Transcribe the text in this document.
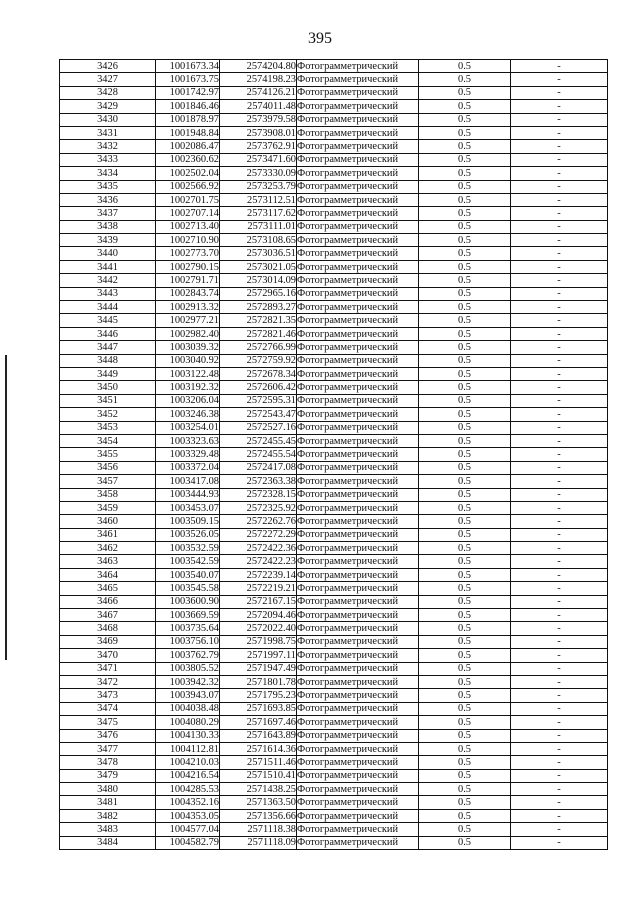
395
3426	1001673.34	2574204.80	Фотограмметрический	0.5	-
3427	1001673.75	2574198.23	Фотограмметрический	0.5	-
3428	1001742.97	2574126.21	Фотограмметрический	0.5	-
3429	1001846.46	2574011.48	Фотограмметрический	0.5	-
3430	1001878.97	2573979.58	Фотограмметрический	0.5	-
3431	1001948.84	2573908.01	Фотограмметрический	0.5	-
3432	1002086.47	2573762.91	Фотограмметрический	0.5	-
3433	1002360.62	2573471.60	Фотограмметрический	0.5	-
3434	1002502.04	2573330.09	Фотограмметрический	0.5	-
3435	1002566.92	2573253.79	Фотограмметрический	0.5	-
3436	1002701.75	2573112.51	Фотограмметрический	0.5	-
3437	1002707.14	2573117.62	Фотограмметрический	0.5	-
3438	1002713.40	2573111.01	Фотограмметрический	0.5	-
3439	1002710.90	2573108.65	Фотограмметрический	0.5	-
3440	1002773.70	2573036.51	Фотограмметрический	0.5	-
3441	1002790.15	2573021.05	Фотограмметрический	0.5	-
3442	1002791.71	2573014.09	Фотограмметрический	0.5	-
3443	1002843.74	2572965.16	Фотограмметрический	0.5	-
3444	1002913.32	2572893.27	Фотограмметрический	0.5	-
3445	1002977.21	2572821.35	Фотограмметрический	0.5	-
3446	1002982.40	2572821.46	Фотограмметрический	0.5	-
3447	1003039.32	2572766.99	Фотограмметрический	0.5	-
3448	1003040.92	2572759.92	Фотограмметрический	0.5	-
3449	1003122.48	2572678.34	Фотограмметрический	0.5	-
3450	1003192.32	2572606.42	Фотограмметрический	0.5	-
3451	1003206.04	2572595.31	Фотограмметрический	0.5	-
3452	1003246.38	2572543.47	Фотограмметрический	0.5	-
3453	1003254.01	2572527.16	Фотограмметрический	0.5	-
3454	1003323.63	2572455.45	Фотограмметрический	0.5	-
3455	1003329.48	2572455.54	Фотограмметрический	0.5	-
3456	1003372.04	2572417.08	Фотограмметрический	0.5	-
3457	1003417.08	2572363.38	Фотограмметрический	0.5	-
3458	1003444.93	2572328.15	Фотограмметрический	0.5	-
3459	1003453.07	2572325.92	Фотограмметрический	0.5	-
3460	1003509.15	2572262.76	Фотограмметрический	0.5	-
3461	1003526.05	2572272.29	Фотограмметрический	0.5	-
3462	1003532.59	2572422.36	Фотограмметрический	0.5	-
3463	1003542.59	2572422.23	Фотограмметрический	0.5	-
3464	1003540.07	2572239.14	Фотограмметрический	0.5	-
3465	1003545.58	2572219.21	Фотограмметрический	0.5	-
3466	1003600.90	2572167.15	Фотограмметрический	0.5	-
3467	1003669.59	2572094.46	Фотограмметрический	0.5	-
3468	1003735.64	2572022.40	Фотограмметрический	0.5	-
3469	1003756.10	2571998.75	Фотограмметрический	0.5	-
3470	1003762.79	2571997.11	Фотограмметрический	0.5	-
3471	1003805.52	2571947.49	Фотограмметрический	0.5	-
3472	1003942.32	2571801.78	Фотограмметрический	0.5	-
3473	1003943.07	2571795.23	Фотограмметрический	0.5	-
3474	1004038.48	2571693.85	Фотограмметрический	0.5	-
3475	1004080.29	2571697.46	Фотограмметрический	0.5	-
3476	1004130.33	2571643.89	Фотограмметрический	0.5	-
3477	1004112.81	2571614.36	Фотограмметрический	0.5	-
3478	1004210.03	2571511.46	Фотограмметрический	0.5	-
3479	1004216.54	2571510.41	Фотограмметрический	0.5	-
3480	1004285.53	2571438.25	Фотограмметрический	0.5	-
3481	1004352.16	2571363.50	Фотограмметрический	0.5	-
3482	1004353.05	2571356.66	Фотограмметрический	0.5	-
3483	1004577.04	2571118.38	Фотограмметрический	0.5	-
3484	1004582.79	2571118.09	Фотограмметрический	0.5	-
